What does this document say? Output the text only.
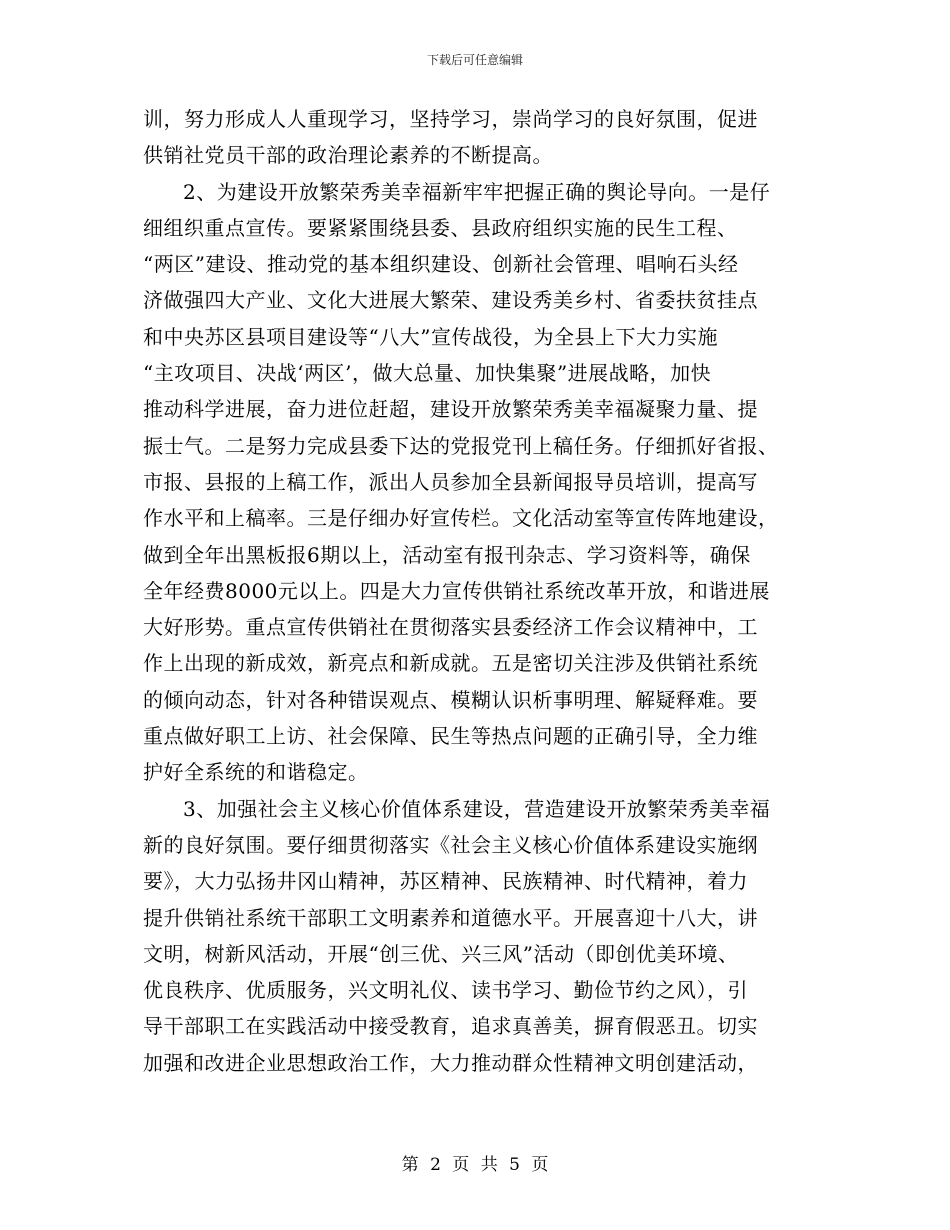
下载后可任意编辑
训，努力形成人人重现学习，坚持学习，崇尚学习的良好氛围，促进
供销社党员干部的政治理论素养的不断提高。
2、为建设开放繁荣秀美幸福新牢牢把握正确的舆论导向。一是仔
细组织重点宣传。要紧紧围绕县委、县政府组织实施的民生工程、
“两区”建设、推动党的基本组织建设、创新社会管理、唱响石头经
济做强四大产业、文化大进展大繁荣、建设秀美乡村、省委扶贫挂点
和中央苏区县项目建设等“八大”宣传战役，为全县上下大力实施
“主攻项目、决战‘两区’，做大总量、加快集聚”进展战略，加快
推动科学进展，奋力进位赶超，建设开放繁荣秀美幸福凝聚力量、提
振士气。二是努力完成县委下达的党报党刊上稿任务。仔细抓好省报、
市报、县报的上稿工作，派出人员参加全县新闻报导员培训，提高写
作水平和上稿率。三是仔细办好宣传栏。文化活动室等宣传阵地建设，
做到全年出黑板报6期以上，活动室有报刊杂志、学习资料等，确保
全年经费8000元以上。四是大力宣传供销社系统改革开放，和谐进展
大好形势。重点宣传供销社在贯彻落实县委经济工作会议精神中，工
作上出现的新成效，新亮点和新成就。五是密切关注涉及供销社系统
的倾向动态，针对各种错误观点、模糊认识析事明理、解疑释难。要
重点做好职工上访、社会保障、民生等热点问题的正确引导，全力维
护好全系统的和谐稳定。
3、加强社会主义核心价值体系建设，营造建设开放繁荣秀美幸福
新的良好氛围。要仔细贯彻落实《社会主义核心价值体系建设实施纲
要》，大力弘扬井冈山精神，苏区精神、民族精神、时代精神，着力
提升供销社系统干部职工文明素养和道德水平。开展喜迎十八大，讲
文明，树新风活动，开展“创三优、兴三风”活动（即创优美环境、
优良秩序、优质服务，兴文明礼仪、读书学习、勤俭节约之风），引
导干部职工在实践活动中接受教育，追求真善美，摒育假恶丑。切实
加强和改进企业思想政治工作，大力推动群众性精神文明创建活动，
第 2 页 共 5 页
